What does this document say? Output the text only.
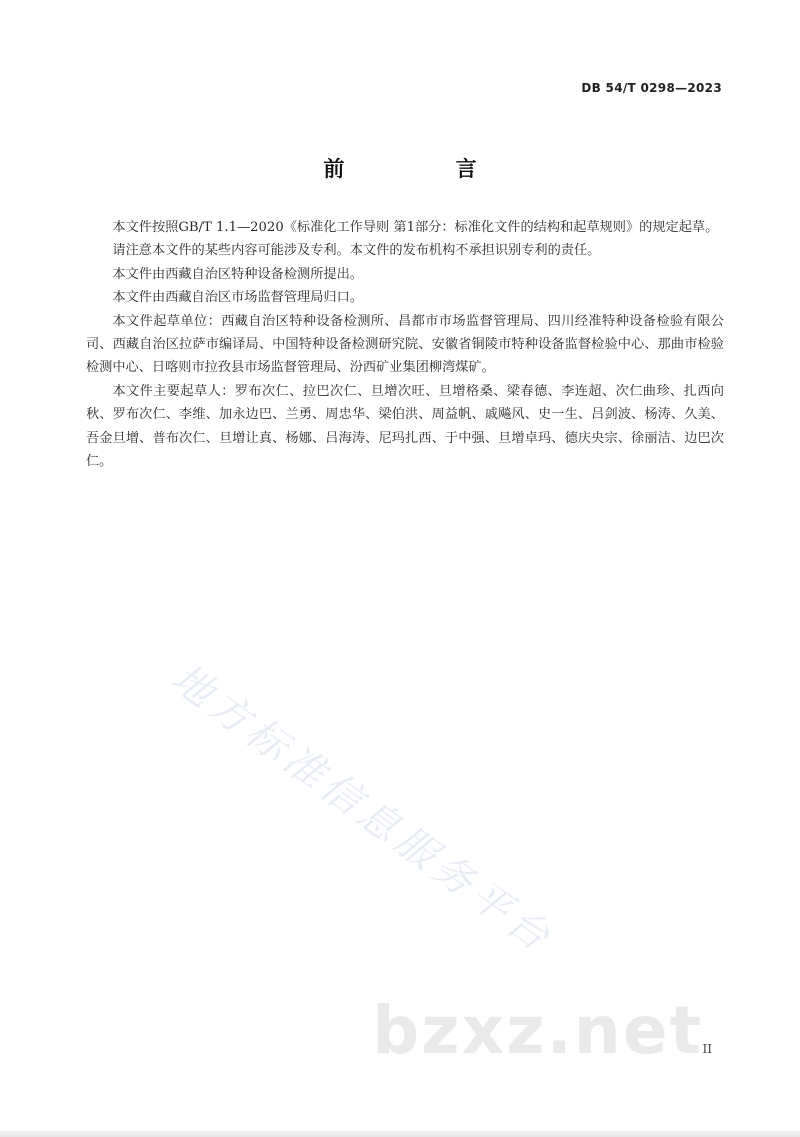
DB 54/T 0298—2023
前 言

本文件按照GB/T 1.1—2020《标准化工作导则 第1部分：标准化文件的结构和起草规则》的规定起草。

请注意本文件的某些内容可能涉及专利。本文件的发布机构不承担识别专利的责任。

本文件由西藏自治区特种设备检测所提出。

本文件由西藏自治区市场监督管理局归口。

本文件起草单位：西藏自治区特种设备检测所、昌都市市场监督管理局、四川经准特种设备检验有限公司、西藏自治区拉萨市编译局、中国特种设备检测研究院、安徽省铜陵市特种设备监督检验中心、那曲市检验检测中心、日喀则市拉孜县市场监督管理局、汾西矿业集团柳湾煤矿。

本文件主要起草人：罗布次仁、拉巴次仁、旦增次旺、旦增格桑、梁春德、李连超、次仁曲珍、扎西向秋、罗布次仁、李维、加永边巴、兰勇、周忠华、梁伯洪、周益帆、戚飚风、史一生、吕剑波、杨涛、久美、吾金旦增、普布次仁、旦增让真、杨娜、吕海涛、尼玛扎西、于中强、旦增卓玛、德庆央宗、徐丽洁、边巴次仁。

地方标准信息服务平台
bzxz.net II
